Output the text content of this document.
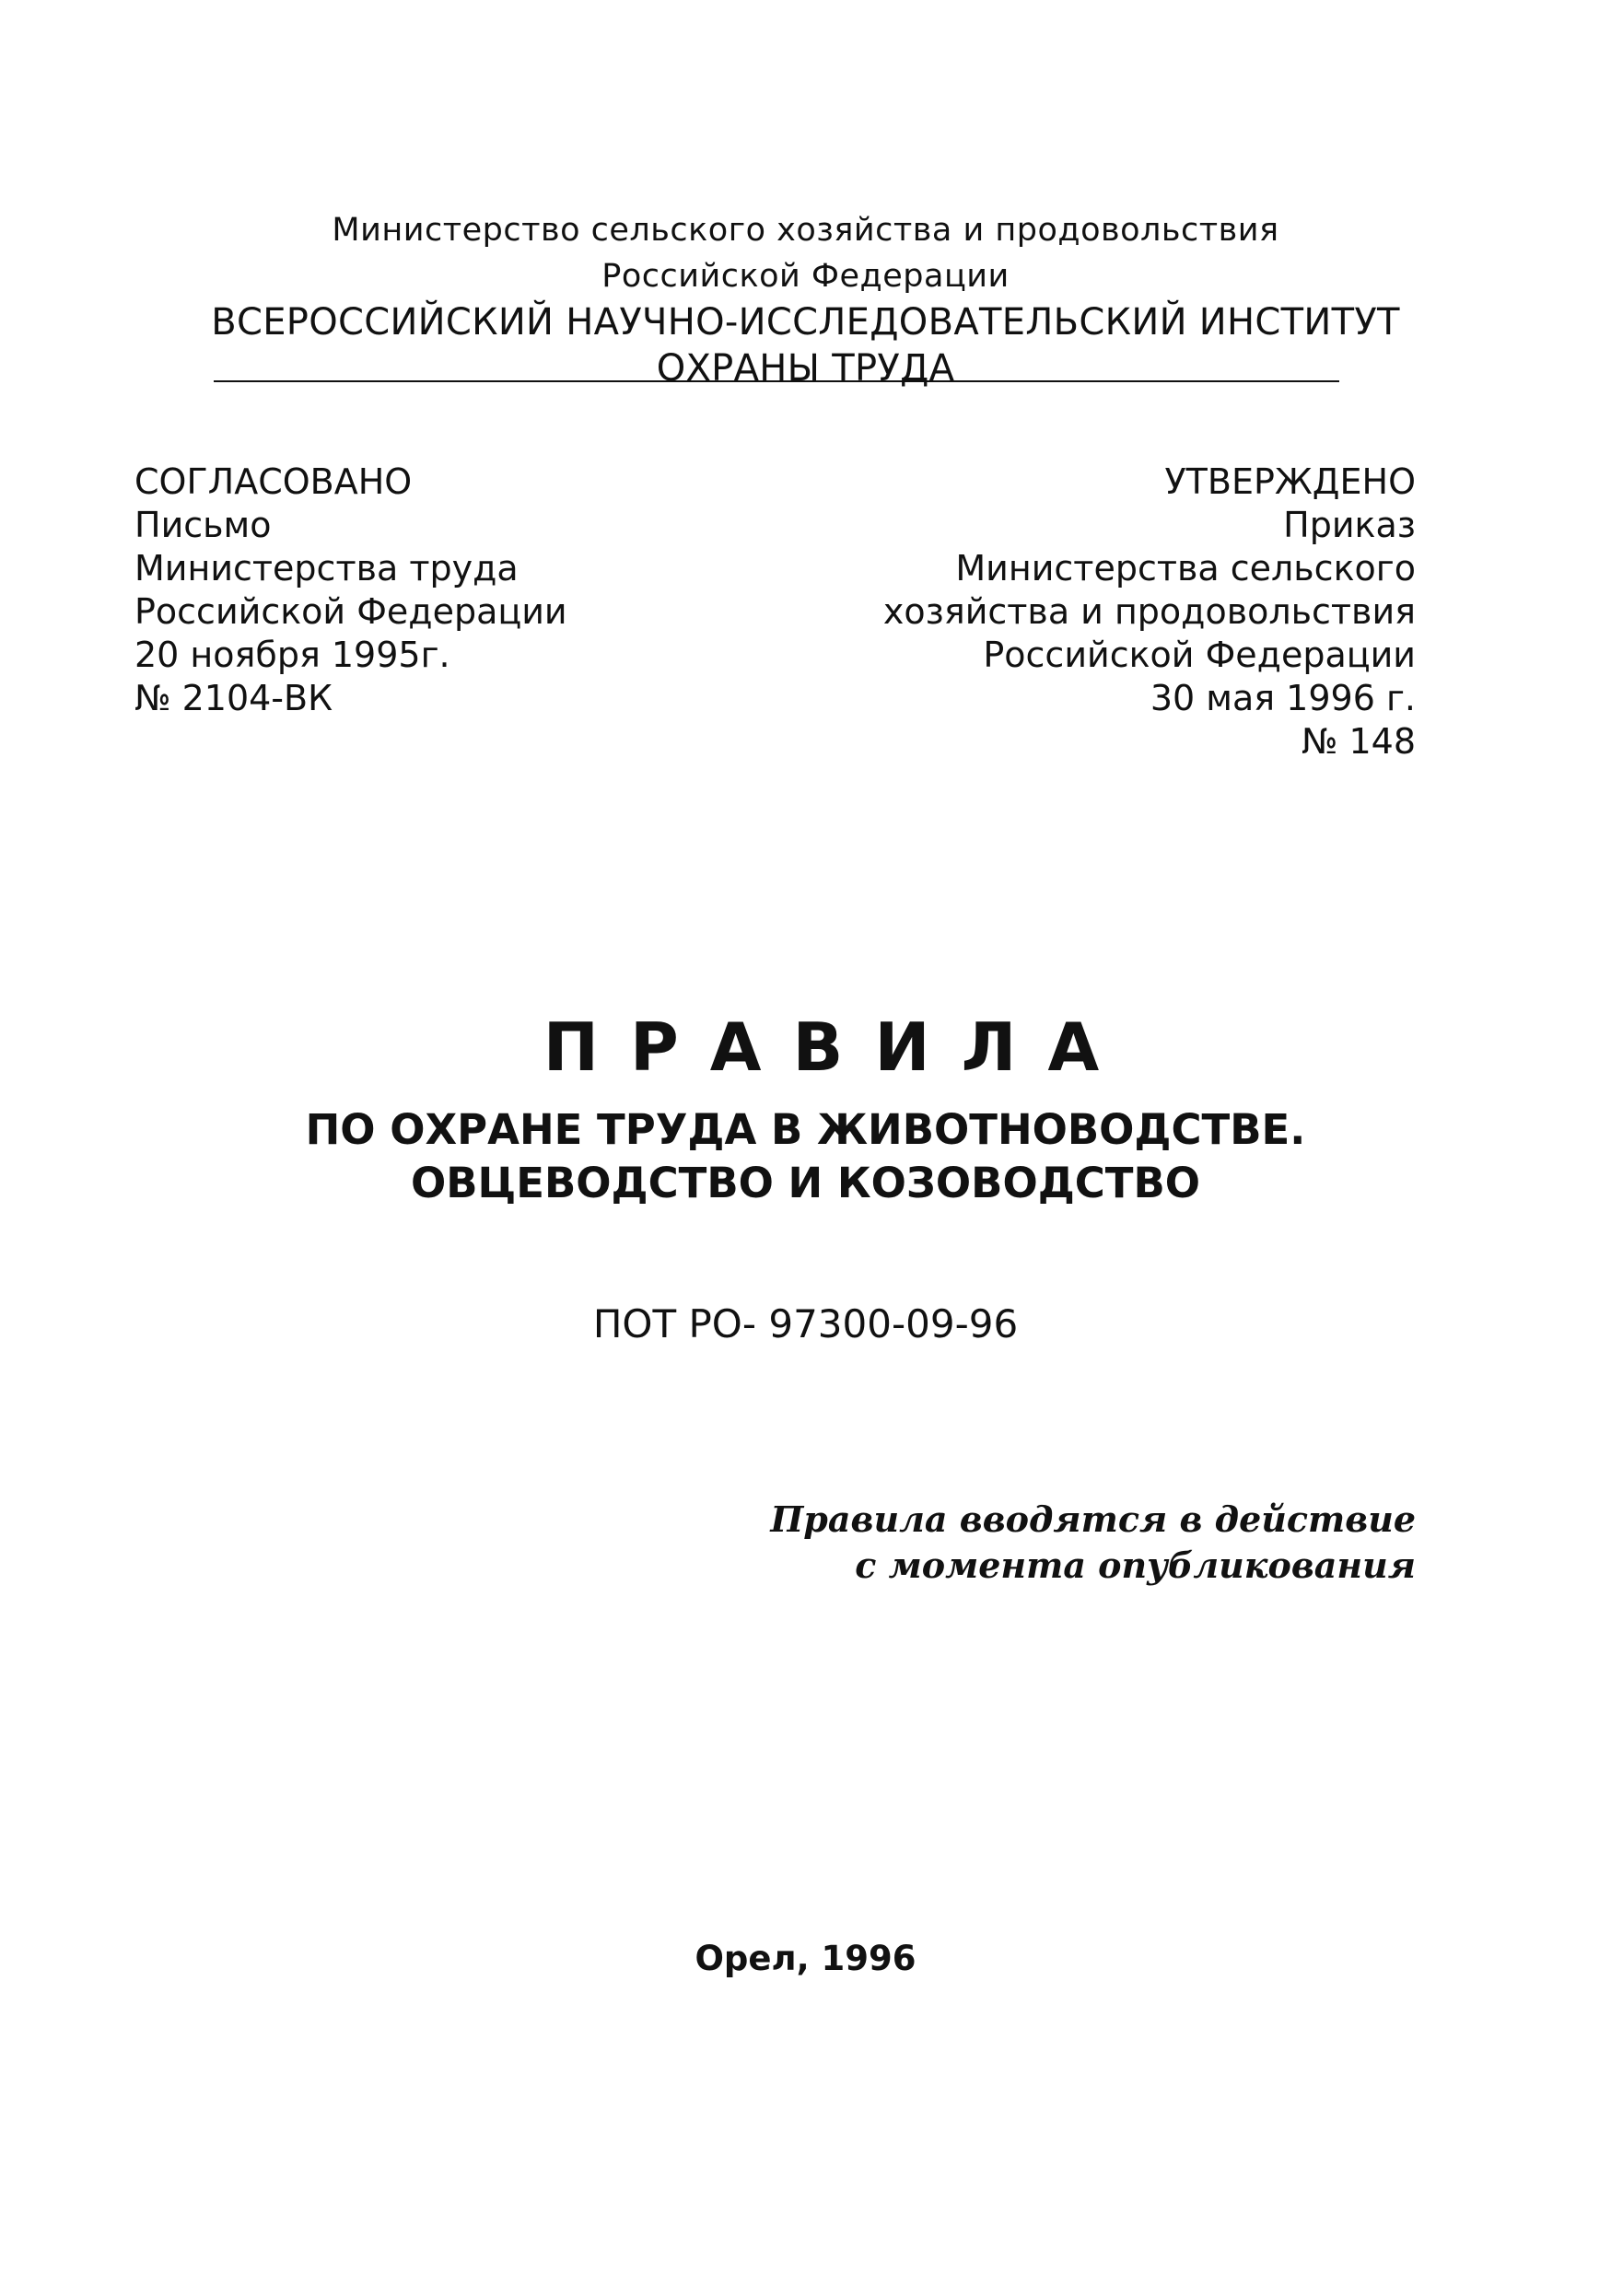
Министерство сельского хозяйства и продовольствия
Российской Федерации
ВСЕРОССИЙСКИЙ НАУЧНО-ИССЛЕДОВАТЕЛЬСКИЙ ИНСТИТУТ
ОХРАНЫ ТРУДА
СОГЛАСОВАНО
Письмо
Министерства труда
Российской Федерации
20 ноября 1995г.
№ 2104-ВК
УТВЕРЖДЕНО
Приказ
Министерства сельского
хозяйства и продовольствия
Российской Федерации
30 мая 1996 г.
№ 148
ПРАВИЛА
ПО ОХРАНЕ ТРУДА В ЖИВОТНОВОДСТВЕ.
ОВЦЕВОДСТВО И КОЗОВОДСТВО
ПОТ РО- 97300-09-96
Правила вводятся в действие
с момента опубликования
Орел, 1996
